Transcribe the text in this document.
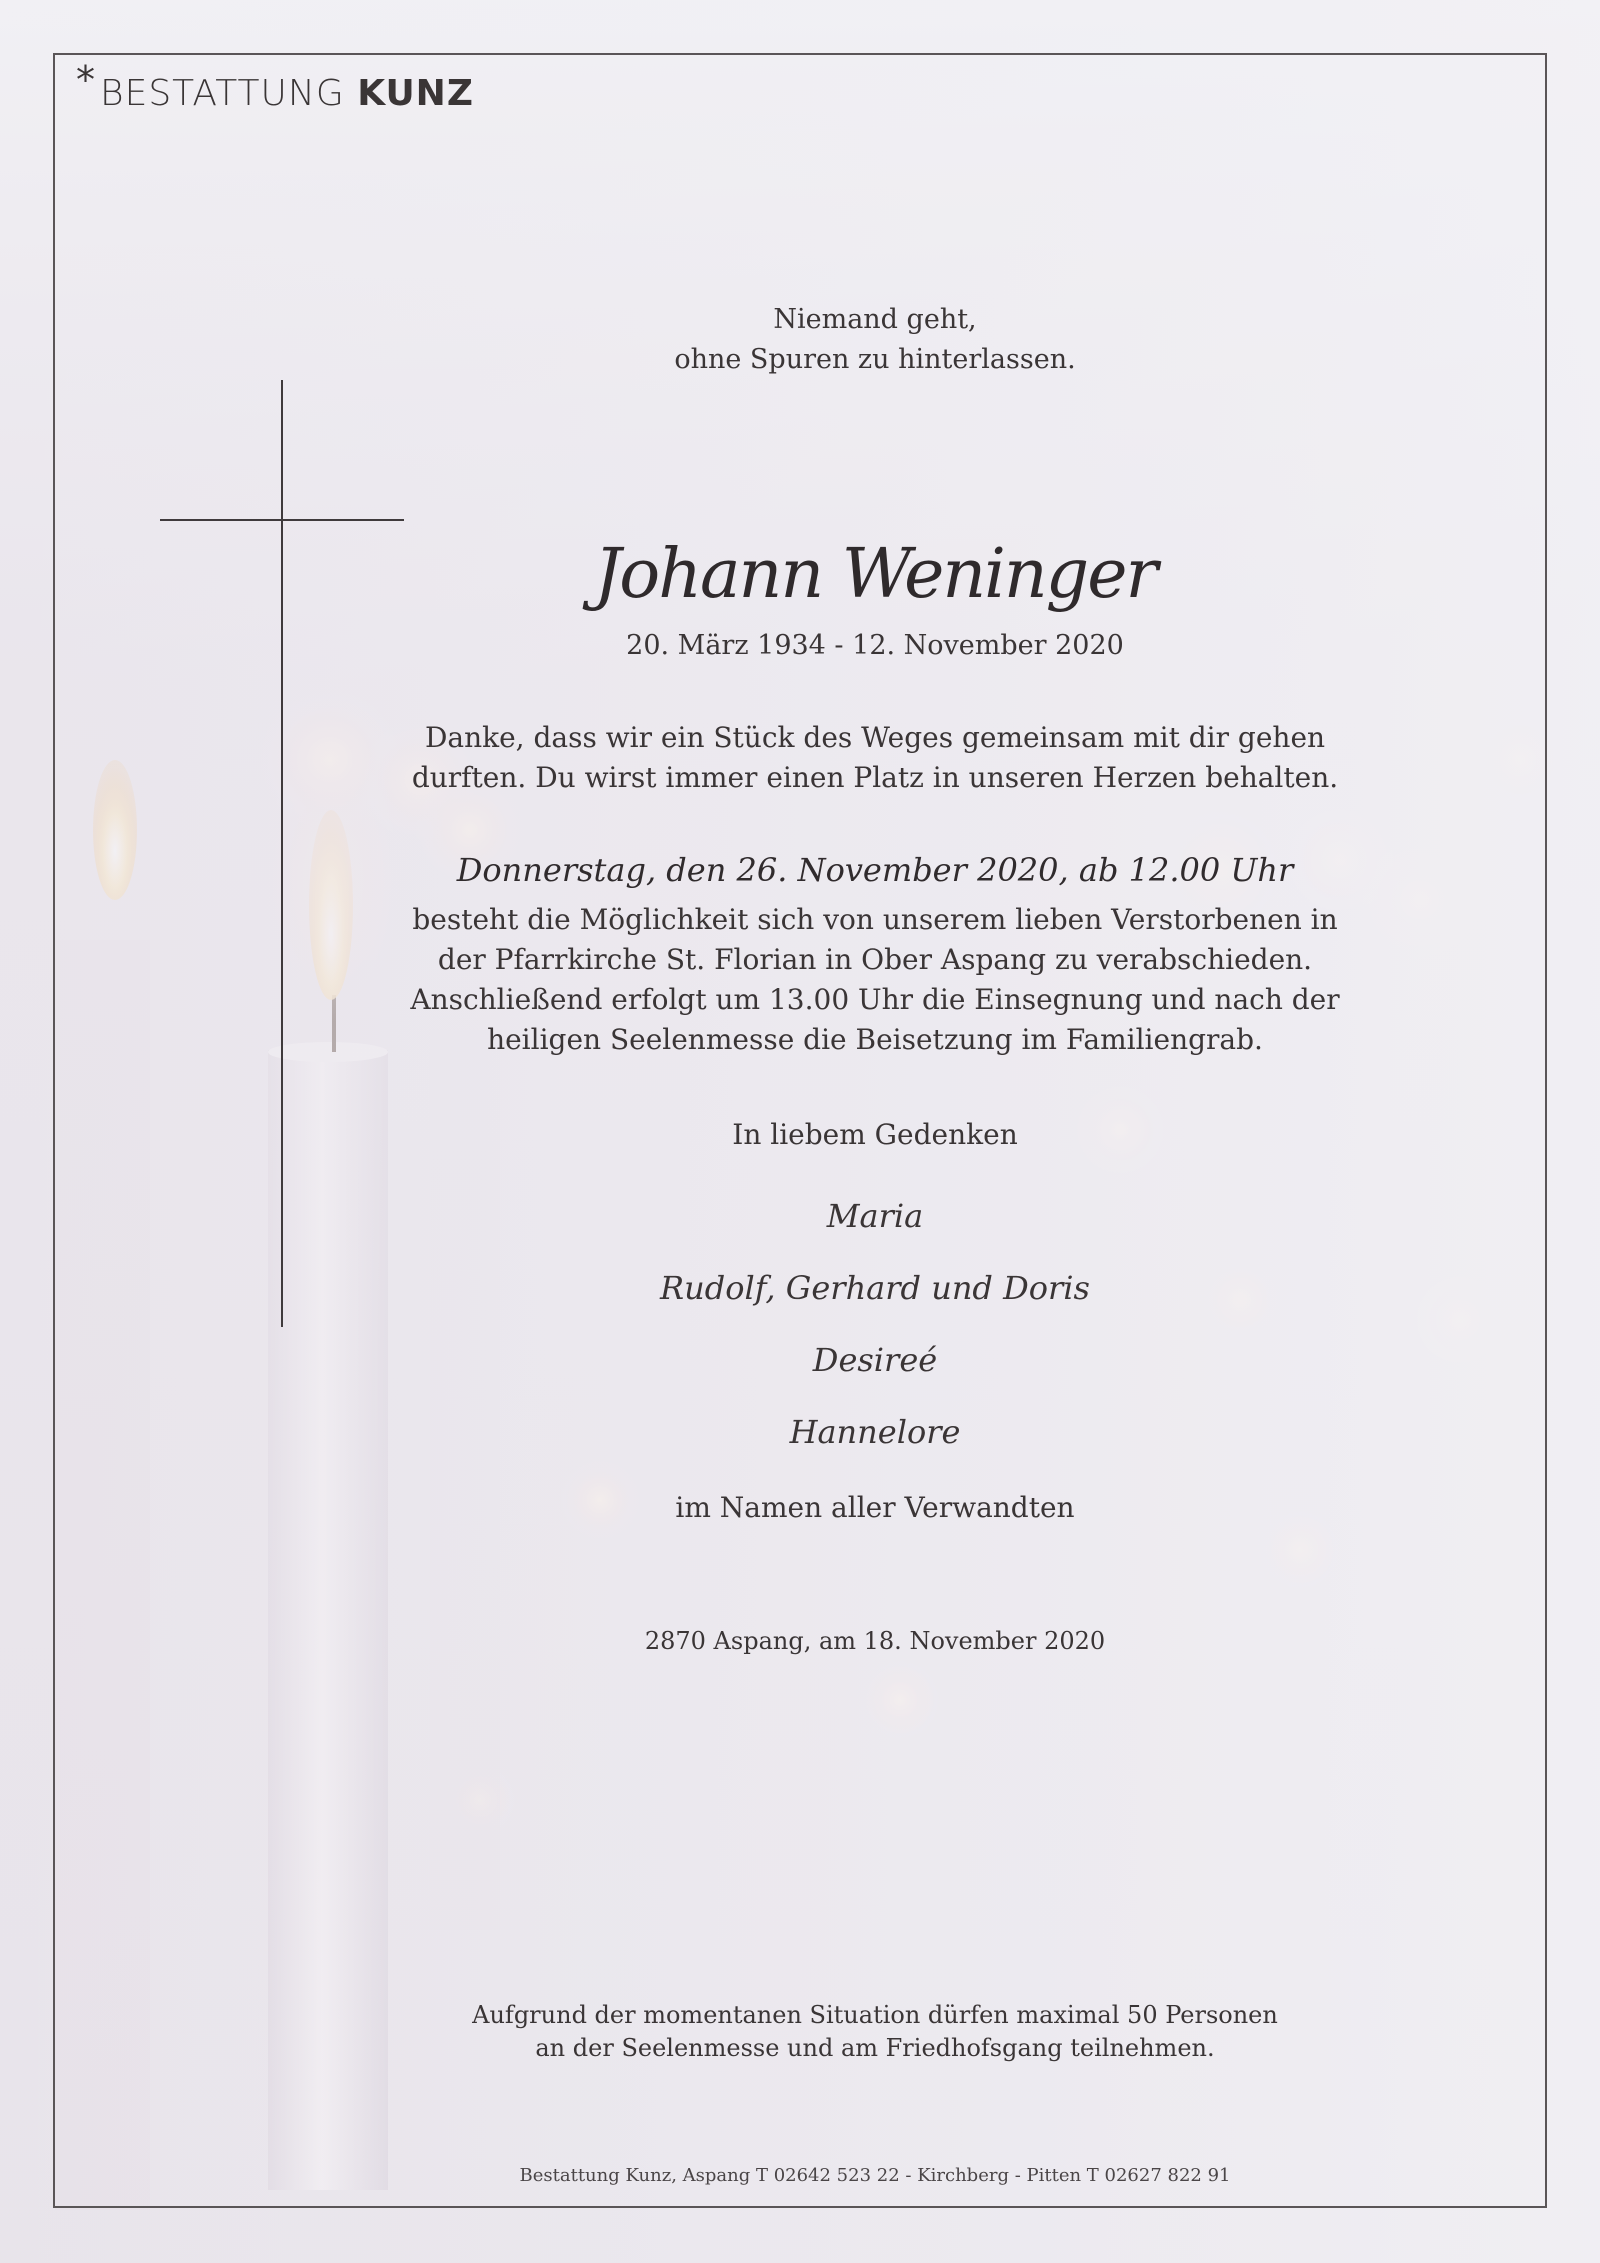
* BESTATTUNG KUNZ
Niemand geht,
ohne Spuren zu hinterlassen.
Johann Weninger
20. März 1934 - 12. November 2020
Danke, dass wir ein Stück des Weges gemeinsam mit dir gehen
durften. Du wirst immer einen Platz in unseren Herzen behalten.
Donnerstag, den 26. November 2020, ab 12.00 Uhr
besteht die Möglichkeit sich von unserem lieben Verstorbenen in
der Pfarrkirche St. Florian in Ober Aspang zu verabschieden.
Anschließend erfolgt um 13.00 Uhr die Einsegnung und nach der
heiligen Seelenmesse die Beisetzung im Familiengrab.
In liebem Gedenken
Maria
Rudolf, Gerhard und Doris
Desireé
Hannelore
im Namen aller Verwandten
2870 Aspang, am 18. November 2020
Aufgrund der momentanen Situation dürfen maximal 50 Personen
an der Seelenmesse und am Friedhofsgang teilnehmen.
Bestattung Kunz, Aspang T 02642 523 22 - Kirchberg - Pitten T 02627 822 91
